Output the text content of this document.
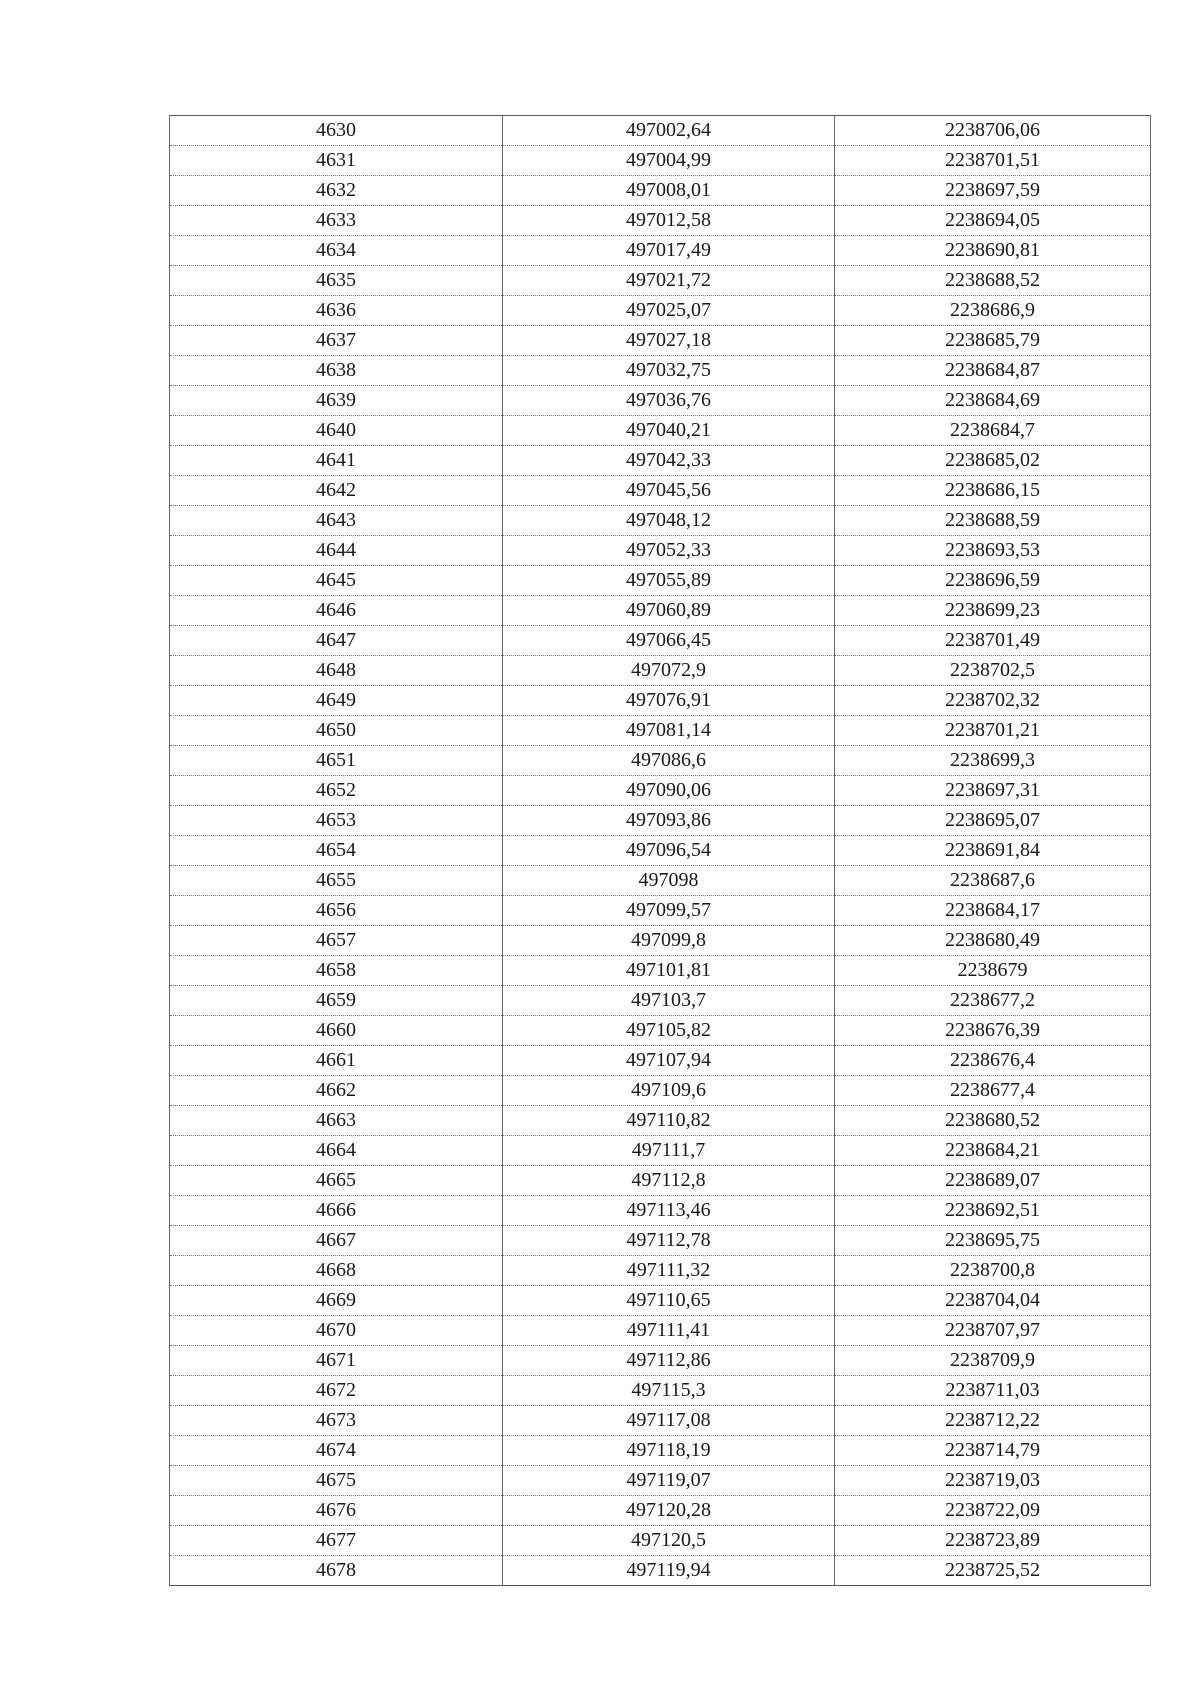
4630	497002,64	2238706,06
4631	497004,99	2238701,51
4632	497008,01	2238697,59
4633	497012,58	2238694,05
4634	497017,49	2238690,81
4635	497021,72	2238688,52
4636	497025,07	2238686,9
4637	497027,18	2238685,79
4638	497032,75	2238684,87
4639	497036,76	2238684,69
4640	497040,21	2238684,7
4641	497042,33	2238685,02
4642	497045,56	2238686,15
4643	497048,12	2238688,59
4644	497052,33	2238693,53
4645	497055,89	2238696,59
4646	497060,89	2238699,23
4647	497066,45	2238701,49
4648	497072,9	2238702,5
4649	497076,91	2238702,32
4650	497081,14	2238701,21
4651	497086,6	2238699,3
4652	497090,06	2238697,31
4653	497093,86	2238695,07
4654	497096,54	2238691,84
4655	497098	2238687,6
4656	497099,57	2238684,17
4657	497099,8	2238680,49
4658	497101,81	2238679
4659	497103,7	2238677,2
4660	497105,82	2238676,39
4661	497107,94	2238676,4
4662	497109,6	2238677,4
4663	497110,82	2238680,52
4664	497111,7	2238684,21
4665	497112,8	2238689,07
4666	497113,46	2238692,51
4667	497112,78	2238695,75
4668	497111,32	2238700,8
4669	497110,65	2238704,04
4670	497111,41	2238707,97
4671	497112,86	2238709,9
4672	497115,3	2238711,03
4673	497117,08	2238712,22
4674	497118,19	2238714,79
4675	497119,07	2238719,03
4676	497120,28	2238722,09
4677	497120,5	2238723,89
4678	497119,94	2238725,52
